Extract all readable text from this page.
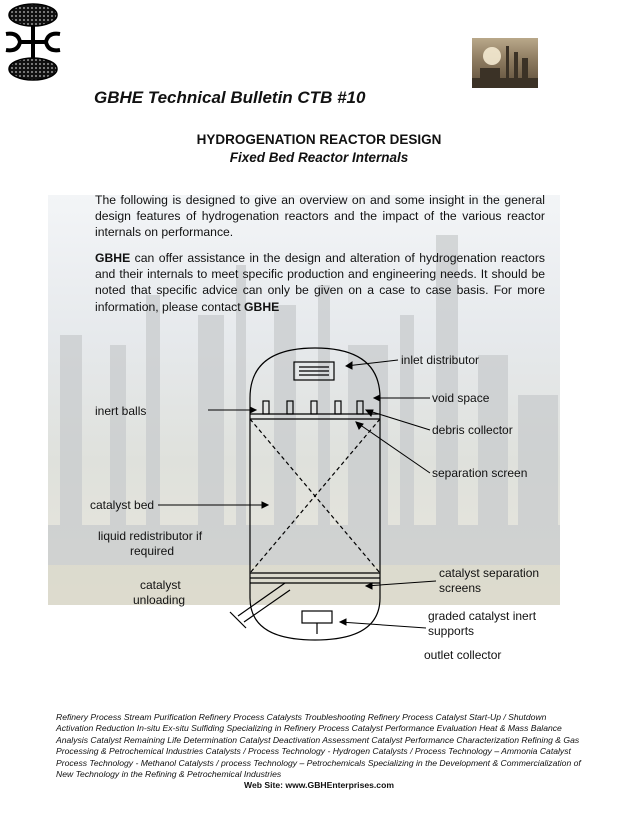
GBHE Technical Bulletin CTB #10
HYDROGENATION REACTOR DESIGN
Fixed Bed Reactor Internals
The following is designed to give an overview on and some insight in the general design features of hydrogenation reactors and the impact of the various reactor internals on performance.
GBHE can offer assistance in the design and alteration of hydrogenation reactors and their internals to meet specific production and engineering needs. It should be noted that specific advice can only be given on a case to case basis. For more information, please contact GBHE
inlet distributor
void space
inert balls
debris collector
separation screen
catalyst bed
liquid redistributor if
required
catalyst
unloading
catalyst separation
screens
graded catalyst inert
supports
outlet collector
Refinery Process Stream Purification Refinery Process Catalysts Troubleshooting Refinery Process Catalyst Start-Up / Shutdown Activation Reduction In-situ Ex-situ Sulfiding Specializing in Refinery Process Catalyst Performance Evaluation Heat & Mass Balance Analysis Catalyst Remaining Life Determination Catalyst Deactivation Assessment Catalyst Performance Characterization Refining & Gas Processing & Petrochemical Industries Catalysts / Process Technology - Hydrogen Catalysts / Process Technology – Ammonia Catalyst Process Technology - Methanol Catalysts / process Technology – Petrochemicals Specializing in the Development & Commercialization of New Technology in the Refining & Petrochemical Industries
Web Site: www.GBHEnterprises.com
